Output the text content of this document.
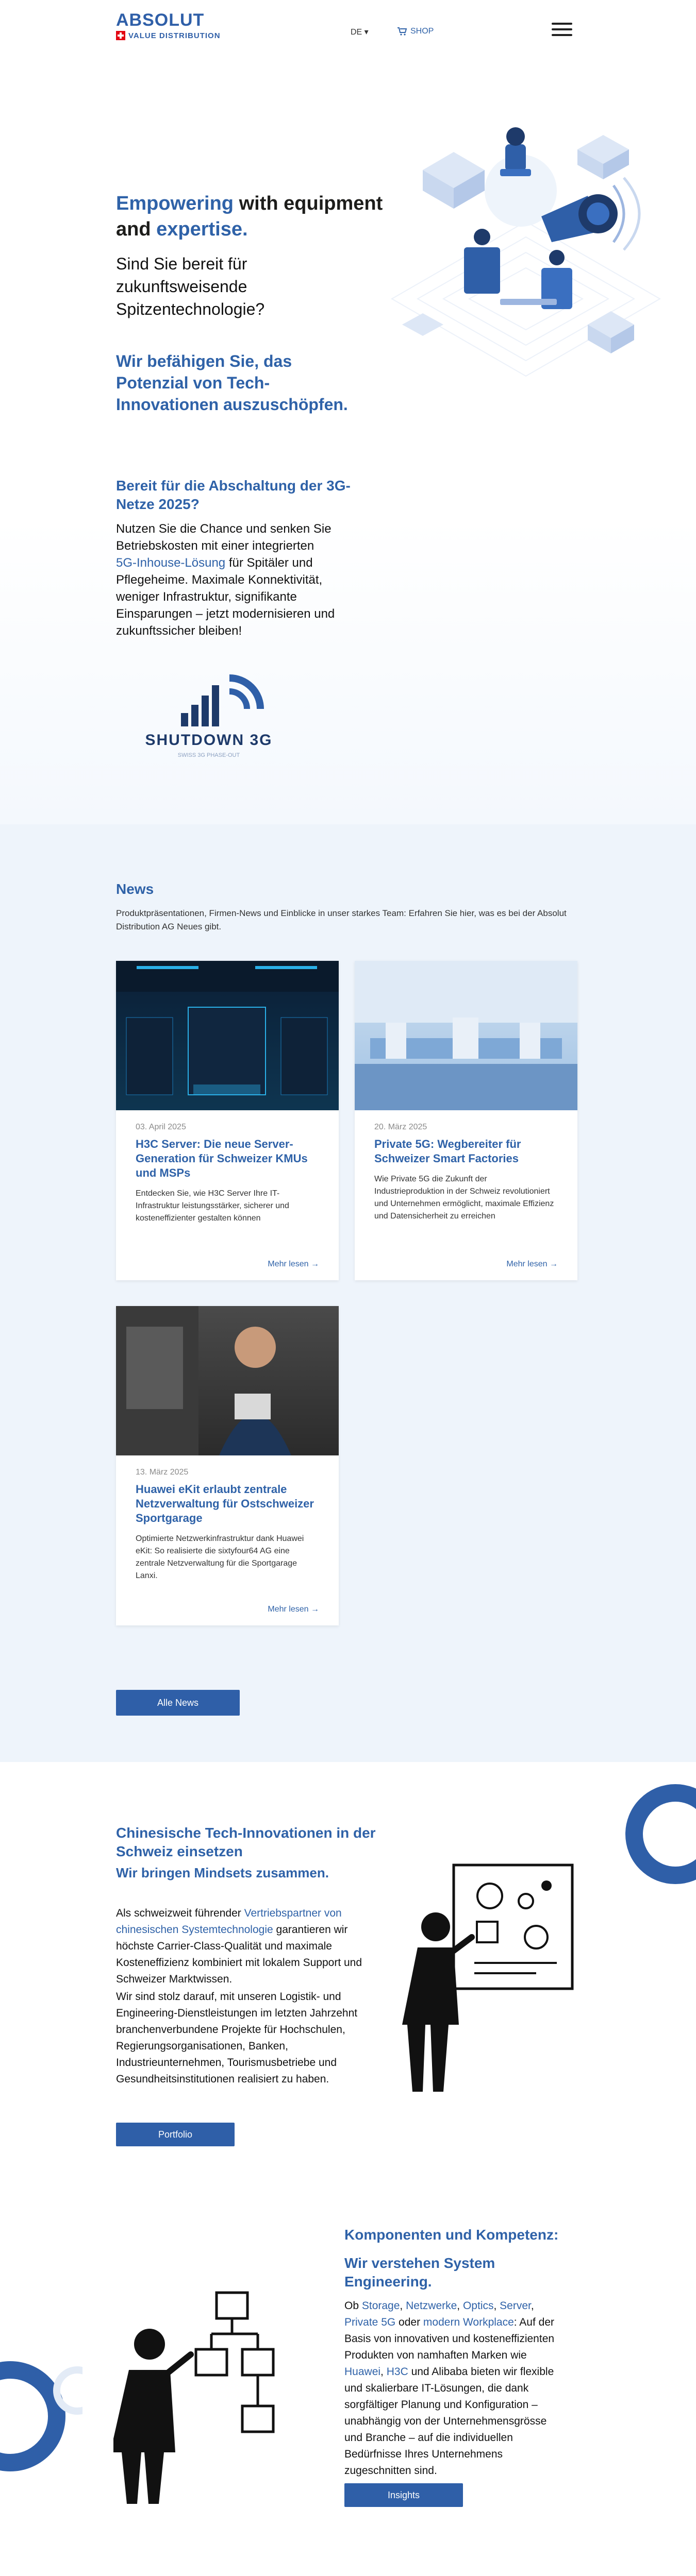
ABSOLUT
VALUE DISTRIBUTION	DE ▾	SHOP
Empowering with equipment and expertise.
Sind Sie bereit für zukunftsweisende Spitzentechnologie?
Wir befähigen Sie, das Potenzial von Tech-Innovationen auszuschöpfen.
Bereit für die Abschaltung der 3G-Netze 2025?
Nutzen Sie die Chance und senken Sie Betriebskosten mit einer integrierten 5G-Inhouse-Lösung für Spitäler und Pflegeheime. Maximale Konnektivität, weniger Infrastruktur, signifikante Einsparungen – jetzt modernisieren und zukunftssicher bleiben!
SHUTDOWN 3G
SWISS 3G PHASE-OUT
News
Produktpräsentationen, Firmen-News und Einblicke in unser starkes Team: Erfahren Sie hier, was es bei der Absolut Distribution AG Neues gibt.
03. April 2025
H3C Server: Die neue Server-Generation für Schweizer KMUs und MSPs
Entdecken Sie, wie H3C Server Ihre IT-Infrastruktur leistungsstärker, sicherer und kosteneffizienter gestalten können
Mehr lesen →
20. März 2025
Private 5G: Wegbereiter für Schweizer Smart Factories
Wie Private 5G die Zukunft der Industrieproduktion in der Schweiz revolutioniert und Unternehmen ermöglicht, maximale Effizienz und Datensicherheit zu erreichen
Mehr lesen →
13. März 2025
Huawei eKit erlaubt zentrale Netzverwaltung für Ostschweizer Sportgarage
Optimierte Netzwerkinfrastruktur dank Huawei eKit: So realisierte die sixtyfour64 AG eine zentrale Netzverwaltung für die Sportgarage Lanxi.
Mehr lesen →
Alle News
Chinesische Tech-Innovationen in der Schweiz einsetzen
Wir bringen Mindsets zusammen.
Als schweizweit führender Vertriebspartner von chinesischen Systemtechnologie garantieren wir höchste Carrier-Class-Qualität und maximale Kosteneffizienz kombiniert mit lokalem Support und Schweizer Marktwissen.
Wir sind stolz darauf, mit unseren Logistik- und Engineering-Dienstleistungen im letzten Jahrzehnt branchenverbundene Projekte für Hochschulen, Regierungsorganisationen, Banken, Industrieunternehmen, Tourismusbetriebe und Gesundheitsinstitutionen realisiert zu haben.
Portfolio
Komponenten und Kompetenz:
Wir verstehen System Engineering.
Ob Storage, Netzwerke, Optics, Server, Private 5G oder modern Workplace: Auf der Basis von innovativen und kosteneffizienten Produkten von namhaften Marken wie Huawei, H3C und Alibaba bieten wir flexible und skalierbare IT-Lösungen, die dank sorgfältiger Planung und Konfiguration – unabhängig von der Unternehmensgrösse und Branche – auf die individuellen Bedürfnisse Ihres Unternehmens zugeschnitten sind.
Insights
